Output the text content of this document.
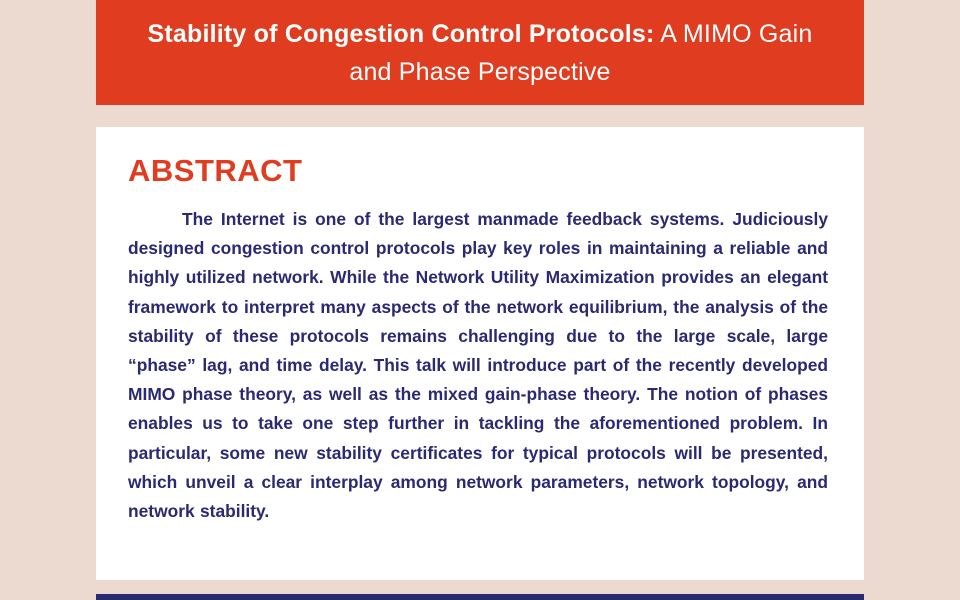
Stability of Congestion Control Protocols: A MIMO Gain and Phase Perspective
ABSTRACT

The Internet is one of the largest manmade feedback systems. Judiciously designed congestion control protocols play key roles in maintaining a reliable and highly utilized network. While the Network Utility Maximization provides an elegant framework to interpret many aspects of the network equilibrium, the analysis of the stability of these protocols remains challenging due to the large scale, large “phase” lag, and time delay. This talk will introduce part of the recently developed MIMO phase theory, as well as the mixed gain-phase theory. The notion of phases enables us to take one step further in tackling the aforementioned problem. In particular, some new stability certificates for typical protocols will be presented, which unveil a clear interplay among network parameters, network topology, and network stability.
